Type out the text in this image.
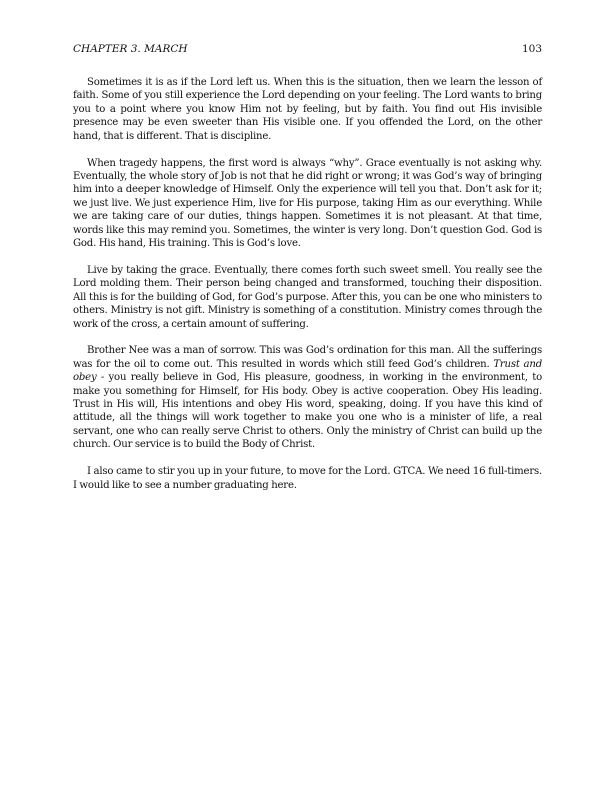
CHAPTER 3. MARCH	103

Sometimes it is as if the Lord left us. When this is the situation, then we learn the lesson of faith. Some of you still experience the Lord depending on your feeling. The Lord wants to bring you to a point where you know Him not by feeling, but by faith. You find out His invisible presence may be even sweeter than His visible one. If you offended the Lord, on the other hand, that is different. That is discipline.

When tragedy happens, the first word is always “why”. Grace eventually is not asking why. Eventually, the whole story of Job is not that he did right or wrong; it was God’s way of bringing him into a deeper knowledge of Himself. Only the experience will tell you that. Don’t ask for it; we just live. We just experience Him, live for His purpose, taking Him as our everything. While we are taking care of our duties, things happen. Sometimes it is not pleasant. At that time, words like this may remind you. Sometimes, the winter is very long. Don’t question God. God is God. His hand, His training. This is God’s love.

Live by taking the grace. Eventually, there comes forth such sweet smell. You really see the Lord molding them. Their person being changed and transformed, touching their disposition. All this is for the building of God, for God’s purpose. After this, you can be one who ministers to others. Ministry is not gift. Ministry is something of a constitution. Ministry comes through the work of the cross, a certain amount of suffering.

Brother Nee was a man of sorrow. This was God’s ordination for this man. All the sufferings was for the oil to come out. This resulted in words which still feed God’s children. Trust and obey - you really believe in God, His pleasure, goodness, in working in the environment, to make you something for Himself, for His body. Obey is active cooperation. Obey His leading. Trust in His will, His intentions and obey His word, speaking, doing. If you have this kind of attitude, all the things will work together to make you one who is a minister of life, a real servant, one who can really serve Christ to others. Only the ministry of Christ can build up the church. Our service is to build the Body of Christ.

I also came to stir you up in your future, to move for the Lord. GTCA. We need 16 full-timers. I would like to see a number graduating here.
